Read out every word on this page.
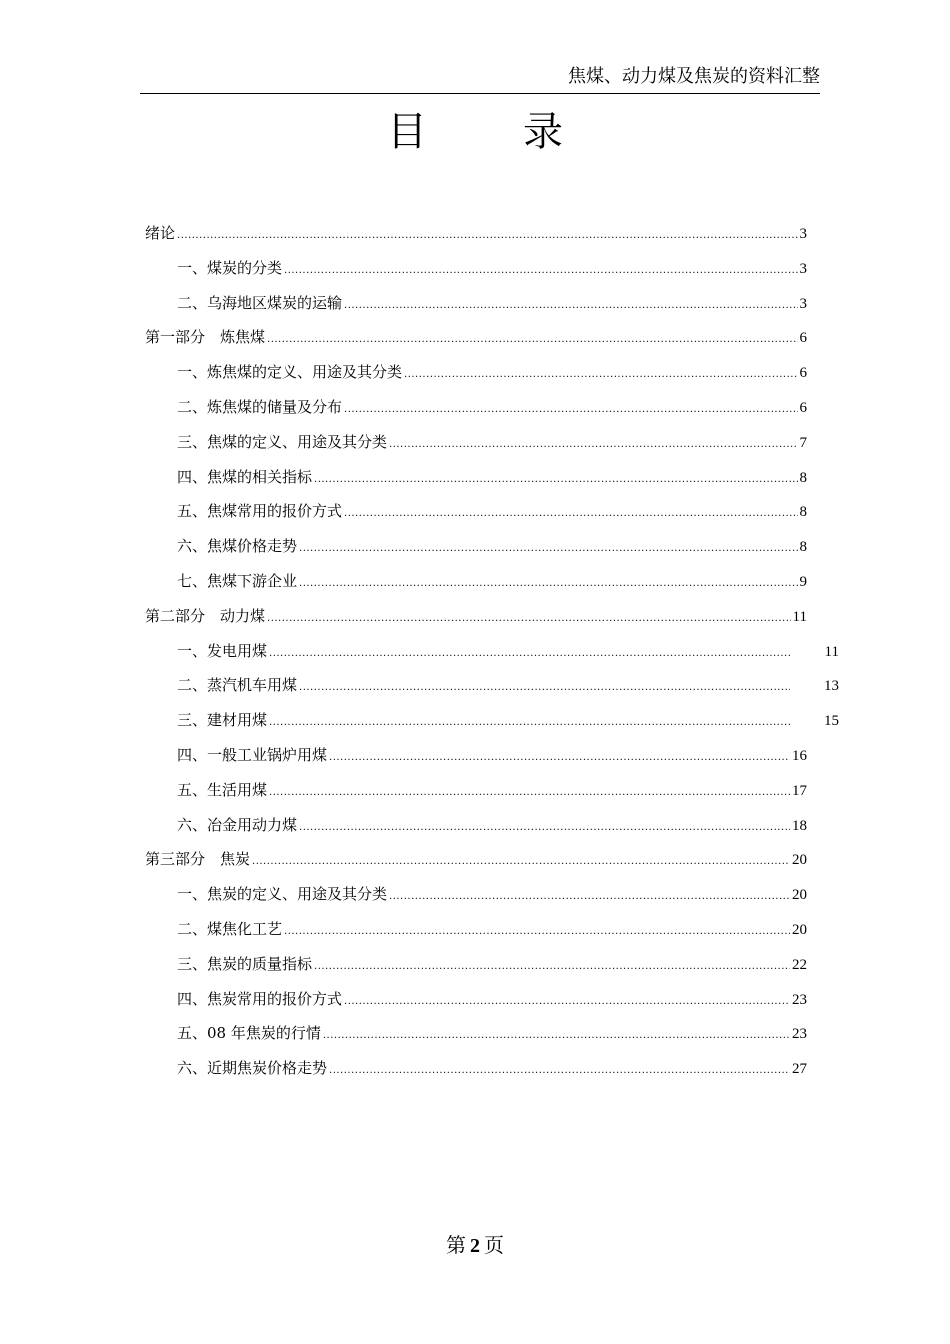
焦煤、动力煤及焦炭的资料汇整
目　录
绪论 .....	3
一、煤炭的分类 .....	3
二、乌海地区煤炭的运输 .....	3
第一部分　炼焦煤 .....	6
一、炼焦煤的定义、用途及其分类 .....	6
二、炼焦煤的储量及分布 .....	6
三、焦煤的定义、用途及其分类 .....	7
四、焦煤的相关指标 .....	8
五、焦煤常用的报价方式 .....	8
六、焦煤价格走势 .....	8
七、焦煤下游企业 .....	9
第二部分　动力煤 .....	11
一、发电用煤 .....	11
二、蒸汽机车用煤 .....	13
三、建材用煤 .....	15
四、一般工业锅炉用煤 .....	16
五、生活用煤 .....	17
六、冶金用动力煤 .....	18
第三部分　焦炭 .....	20
一、焦炭的定义、用途及其分类 .....	20
二、煤焦化工艺 .....	20
三、焦炭的质量指标 .....	22
四、焦炭常用的报价方式 .....	23
五、08 年焦炭的行情 .....	23
六、近期焦炭价格走势 .....	27
第 2 页
